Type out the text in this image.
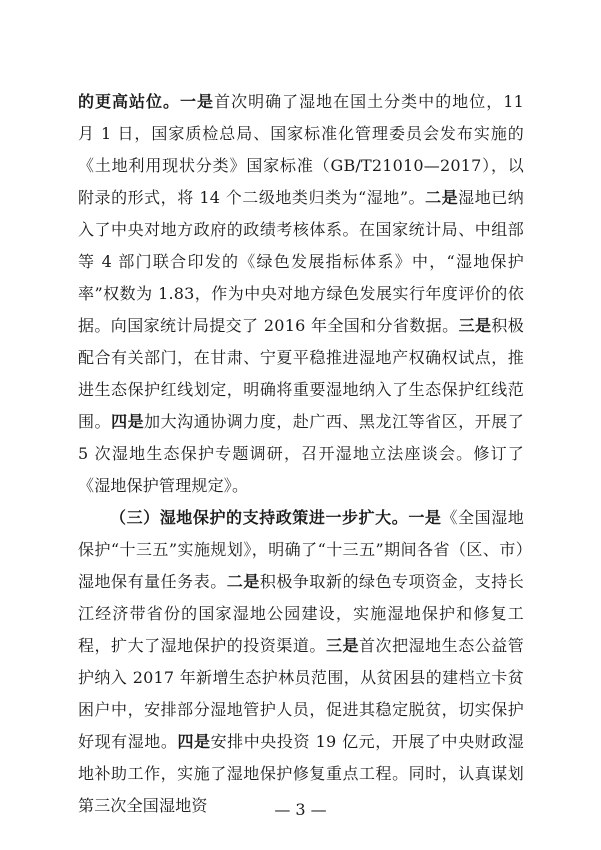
的更高站位。一是首次明确了湿地在国土分类中的地位，11 月 1 日，国家质检总局、国家标准化管理委员会发布实施的《土地利用现状分类》国家标准（GB/T21010—2017），以附录的形式，将 14 个二级地类归类为“湿地”。二是湿地已纳入了中央对地方政府的政绩考核体系。在国家统计局、中组部等 4 部门联合印发的《绿色发展指标体系》中，“湿地保护率”权数为 1.83，作为中央对地方绿色发展实行年度评价的依据。向国家统计局提交了 2016 年全国和分省数据。三是积极配合有关部门，在甘肃、宁夏平稳推进湿地产权确权试点，推进生态保护红线划定，明确将重要湿地纳入了生态保护红线范围。四是加大沟通协调力度，赴广西、黑龙江等省区，开展了 5 次湿地生态保护专题调研，召开湿地立法座谈会。修订了《湿地保护管理规定》。

（三）湿地保护的支持政策进一步扩大。一是《全国湿地保护“十三五”实施规划》，明确了“十三五”期间各省（区、市）湿地保有量任务表。二是积极争取新的绿色专项资金，支持长江经济带省份的国家湿地公园建设，实施湿地保护和修复工程，扩大了湿地保护的投资渠道。三是首次把湿地生态公益管护纳入 2017 年新增生态护林员范围，从贫困县的建档立卡贫困户中，安排部分湿地管护人员，促进其稳定脱贫，切实保护好现有湿地。四是安排中央投资 19 亿元，开展了中央财政湿地补助工作，实施了湿地保护修复重点工程。同时，认真谋划第三次全国湿地资	— 3 —
